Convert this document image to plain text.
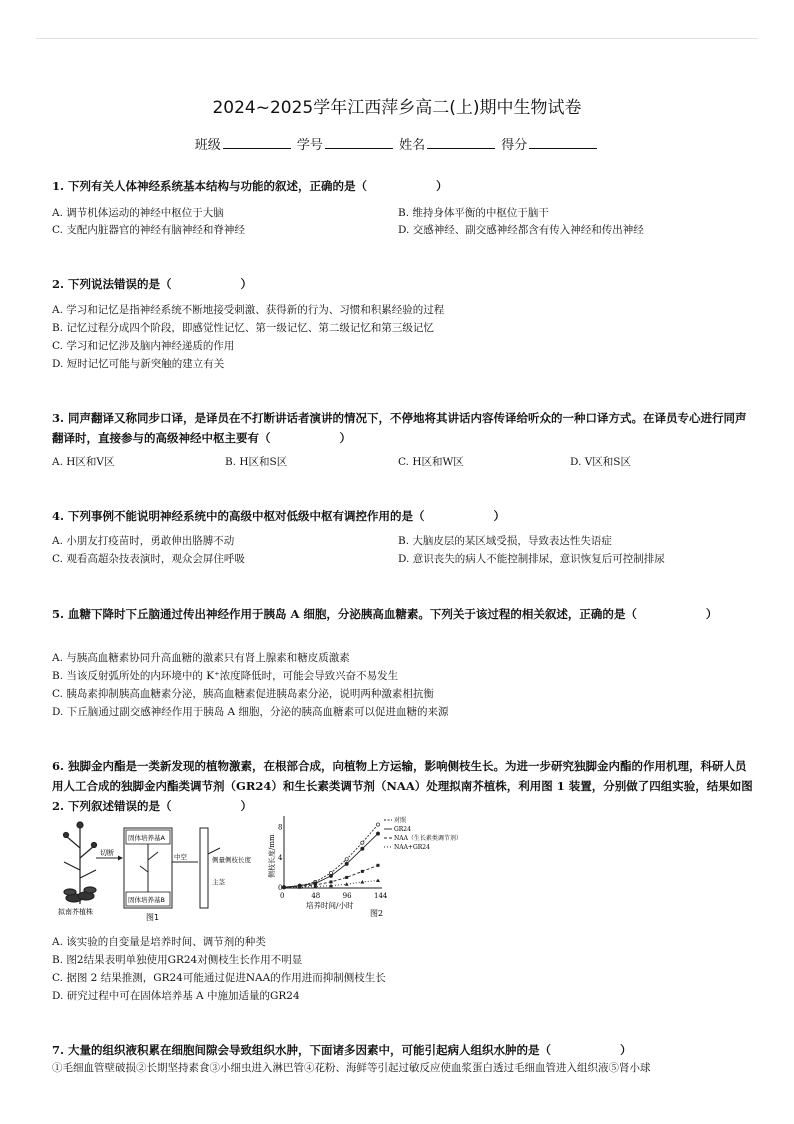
2024~2025学年江西萍乡高二(上)期中生物试卷
班级	学号	姓名	得分
1. 下列有关人体神经系统基本结构与功能的叙述，正确的是（　　　　　　）
A. 调节机体运动的神经中枢位于大脑	B. 维持身体平衡的中枢位于脑干
C. 支配内脏器官的神经有脑神经和脊神经	D. 交感神经、副交感神经都含有传入神经和传出神经
2. 下列说法错误的是（　　　　　　）
A. 学习和记忆是指神经系统不断地接受刺激、获得新的行为、习惯和积累经验的过程
B. 记忆过程分成四个阶段，即感觉性记忆、第一级记忆、第二级记忆和第三级记忆
C. 学习和记忆涉及脑内神经递质的作用
D. 短时记忆可能与新突触的建立有关
3. 同声翻译又称同步口译，是译员在不打断讲话者演讲的情况下，不停地将其讲话内容传译给听众的一种口译方式。在译员专心进行同声翻译时，直接参与的高级神经中枢主要有（　　　　　　）
A. H区和V区	B. H区和S区	C. H区和W区	D. V区和S区
4. 下列事例不能说明神经系统中的高级中枢对低级中枢有调控作用的是（　　　　　　）
A. 小朋友打疫苗时，勇敢伸出胳膊不动	B. 大脑皮层的某区域受损，导致表达性失语症
C. 观看高超杂技表演时，观众会屏住呼吸	D. 意识丧失的病人不能控制排尿，意识恢复后可控制排尿
5. 血糖下降时下丘脑通过传出神经作用于胰岛 A 细胞，分泌胰高血糖素。下列关于该过程的相关叙述，正确的是（　　　　　　）
A. 与胰高血糖素协同升高血糖的激素只有肾上腺素和糖皮质激素
B. 当该反射弧所处的内环境中的 K⁺浓度降低时，可能会导致兴奋不易发生
C. 胰岛素抑制胰高血糖素分泌，胰高血糖素促进胰岛素分泌，说明两种激素相抗衡
D. 下丘脑通过副交感神经作用于胰岛 A 细胞，分泌的胰高血糖素可以促进血糖的来源
6. 独脚金内酯是一类新发现的植物激素，在根部合成，向植物上方运输，影响侧枝生长。为进一步研究独脚金内酯的作用机理，科研人员用人工合成的独脚金内酯类调节剂（GR24）和生长素类调节剂（NAA）处理拟南芥植株，利用图 1 装置，分别做了四组实验，结果如图 2. 下列叙述错误的是（　　　　　　）
拟南芥植株
切断
固体培养基A
固体培养基B
中空	侧量侧枝长度
主茎
图1
侧枝长度/mm
培养时间/小时
图2
0	48	96	144
0
4
8
对照
GR24
NAA（生长素类调节剂）
NAA+GR24
A. 该实验的自变量是培养时间、调节剂的种类
B. 图2结果表明单独使用GR24对侧枝生长作用不明显
C. 据图 2 结果推测，GR24可能通过促进NAA的作用进而抑制侧枝生长
D. 研究过程中可在固体培养基 A 中施加适量的GR24
7. 大量的组织液积累在细胞间隙会导致组织水肿，下面诸多因素中，可能引起病人组织水肿的是（　　　　　　）
①毛细血管壁破损②长期坚持素食③小细虫进入淋巴管④花粉、海鲜等引起过敏反应使血浆蛋白透过毛细血管进入组织液⑤肾小球
